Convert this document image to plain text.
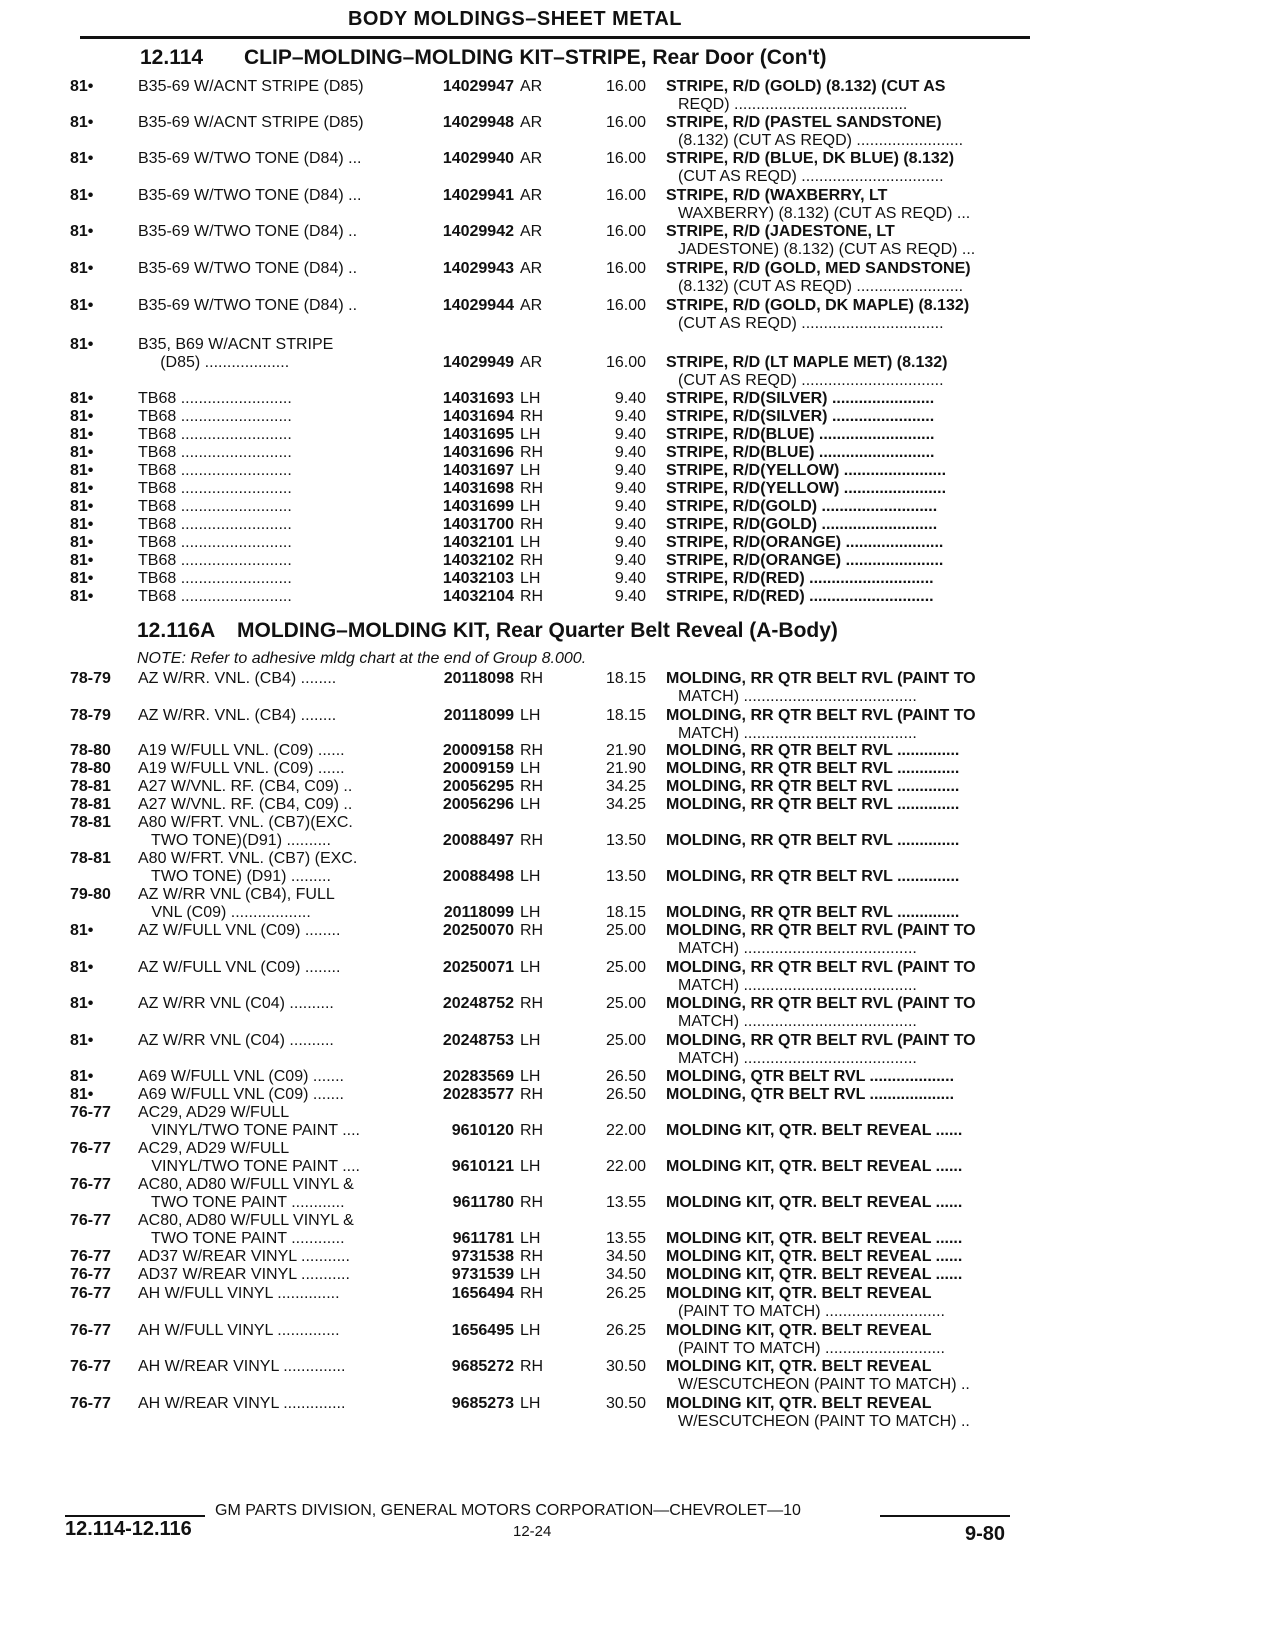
BODY MOLDINGS–SHEET METAL
12.114 CLIP–MOLDING–MOLDING KIT–STRIPE, Rear Door (Con't)
81•	B35-69 W/ACNT STRIPE (D85)	14029947 AR	16.00 STRIPE, R/D (GOLD) (8.132) (CUT AS
REQD) .......................................
81•	B35-69 W/ACNT STRIPE (D85)	14029948 AR	16.00 STRIPE, R/D (PASTEL SANDSTONE)
(8.132) (CUT AS REQD) ........................
81•	B35-69 W/TWO TONE (D84) ...	14029940 AR	16.00 STRIPE, R/D (BLUE, DK BLUE) (8.132)
(CUT AS REQD) ................................
81•	B35-69 W/TWO TONE (D84) ...	14029941 AR	16.00 STRIPE, R/D (WAXBERRY, LT
WAXBERRY) (8.132) (CUT AS REQD) ...
81•	B35-69 W/TWO TONE (D84) ..	14029942 AR	16.00 STRIPE, R/D (JADESTONE, LT
JADESTONE) (8.132) (CUT AS REQD) ...
81•	B35-69 W/TWO TONE (D84) ..	14029943 AR	16.00 STRIPE, R/D (GOLD, MED SANDSTONE)
(8.132) (CUT AS REQD) ........................
81•	B35-69 W/TWO TONE (D84) ..	14029944 AR	16.00 STRIPE, R/D (GOLD, DK MAPLE) (8.132)
(CUT AS REQD) ................................
81•	B35, B69 W/ACNT STRIPE
(D85) ...................	14029949 AR	16.00 STRIPE, R/D (LT MAPLE MET) (8.132)
(CUT AS REQD) ................................
81•	TB68 .........................	14031693 LH	9.40 STRIPE, R/D(SILVER) .......................
81•	TB68 .........................	14031694 RH	9.40 STRIPE, R/D(SILVER) .......................
81•	TB68 .........................	14031695 LH	9.40 STRIPE, R/D(BLUE) ..........................
81•	TB68 .........................	14031696 RH	9.40 STRIPE, R/D(BLUE) ..........................
81•	TB68 .........................	14031697 LH	9.40 STRIPE, R/D(YELLOW) .......................
81•	TB68 .........................	14031698 RH	9.40 STRIPE, R/D(YELLOW) .......................
81•	TB68 .........................	14031699 LH	9.40 STRIPE, R/D(GOLD) ..........................
81•	TB68 .........................	14031700 RH	9.40 STRIPE, R/D(GOLD) ..........................
81•	TB68 .........................	14032101 LH	9.40 STRIPE, R/D(ORANGE) ......................
81•	TB68 .........................	14032102 RH	9.40 STRIPE, R/D(ORANGE) ......................
81•	TB68 .........................	14032103 LH	9.40 STRIPE, R/D(RED) ............................
81•	TB68 .........................	14032104 RH	9.40 STRIPE, R/D(RED) ............................
12.116A MOLDING–MOLDING KIT, Rear Quarter Belt Reveal (A-Body)
NOTE: Refer to adhesive mldg chart at the end of Group 8.000.
78-79 AZ W/RR. VNL. (CB4) ........	20118098 RH	18.15 MOLDING, RR QTR BELT RVL (PAINT TO
MATCH) .......................................
78-79 AZ W/RR. VNL. (CB4) ........	20118099 LH	18.15 MOLDING, RR QTR BELT RVL (PAINT TO
MATCH) .......................................
78-80 A19 W/FULL VNL. (C09) ......	20009158 RH	21.90 MOLDING, RR QTR BELT RVL ..............
78-80 A19 W/FULL VNL. (C09) ......	20009159 LH	21.90 MOLDING, RR QTR BELT RVL ..............
78-81 A27 W/VNL. RF. (CB4, C09) ..	20056295 RH	34.25 MOLDING, RR QTR BELT RVL ..............
78-81 A27 W/VNL. RF. (CB4, C09) ..	20056296 LH	34.25 MOLDING, RR QTR BELT RVL ..............
78-81 A80 W/FRT. VNL. (CB7)(EXC.
TWO TONE)(D91) ..........	20088497 RH	13.50 MOLDING, RR QTR BELT RVL ..............
78-81 A80 W/FRT. VNL. (CB7) (EXC.
TWO TONE) (D91) .........	20088498 LH	13.50 MOLDING, RR QTR BELT RVL ..............
79-80 AZ W/RR VNL (CB4), FULL
VNL (C09) ..................	20118099 LH	18.15 MOLDING, RR QTR BELT RVL ..............
81•	AZ W/FULL VNL (C09) ........	20250070 RH	25.00 MOLDING, RR QTR BELT RVL (PAINT TO
MATCH) .......................................
81•	AZ W/FULL VNL (C09) ........	20250071 LH	25.00 MOLDING, RR QTR BELT RVL (PAINT TO
MATCH) .......................................
81•	AZ W/RR VNL (C04) ..........	20248752 RH	25.00 MOLDING, RR QTR BELT RVL (PAINT TO
MATCH) .......................................
81•	AZ W/RR VNL (C04) ..........	20248753 LH	25.00 MOLDING, RR QTR BELT RVL (PAINT TO
MATCH) .......................................
81•	A69 W/FULL VNL (C09) .......	20283569 LH	26.50 MOLDING, QTR BELT RVL ...................
81•	A69 W/FULL VNL (C09) .......	20283577 RH	26.50 MOLDING, QTR BELT RVL ...................
76-77 AC29, AD29 W/FULL
VINYL/TWO TONE PAINT ....	9610120 RH	22.00 MOLDING KIT, QTR. BELT REVEAL ......
76-77 AC29, AD29 W/FULL
VINYL/TWO TONE PAINT ....	9610121 LH	22.00 MOLDING KIT, QTR. BELT REVEAL ......
76-77 AC80, AD80 W/FULL VINYL &
TWO TONE PAINT ............	9611780 RH	13.55 MOLDING KIT, QTR. BELT REVEAL ......
76-77 AC80, AD80 W/FULL VINYL &
TWO TONE PAINT ............	9611781 LH	13.55 MOLDING KIT, QTR. BELT REVEAL ......
76-77 AD37 W/REAR VINYL ...........	9731538 RH	34.50 MOLDING KIT, QTR. BELT REVEAL ......
76-77 AD37 W/REAR VINYL ...........	9731539 LH	34.50 MOLDING KIT, QTR. BELT REVEAL ......
76-77 AH W/FULL VINYL ..............	1656494 RH	26.25 MOLDING KIT, QTR. BELT REVEAL
(PAINT TO MATCH) ...........................
76-77 AH W/FULL VINYL ..............	1656495 LH	26.25 MOLDING KIT, QTR. BELT REVEAL
(PAINT TO MATCH) ...........................
76-77 AH W/REAR VINYL ..............	9685272 RH	30.50 MOLDING KIT, QTR. BELT REVEAL
W/ESCUTCHEON (PAINT TO MATCH) ..
76-77 AH W/REAR VINYL ..............	9685273 LH	30.50 MOLDING KIT, QTR. BELT REVEAL
W/ESCUTCHEON (PAINT TO MATCH) ..
GM PARTS DIVISION, GENERAL MOTORS CORPORATION—CHEVROLET—10
12.114-12.116	12-24	9-80
